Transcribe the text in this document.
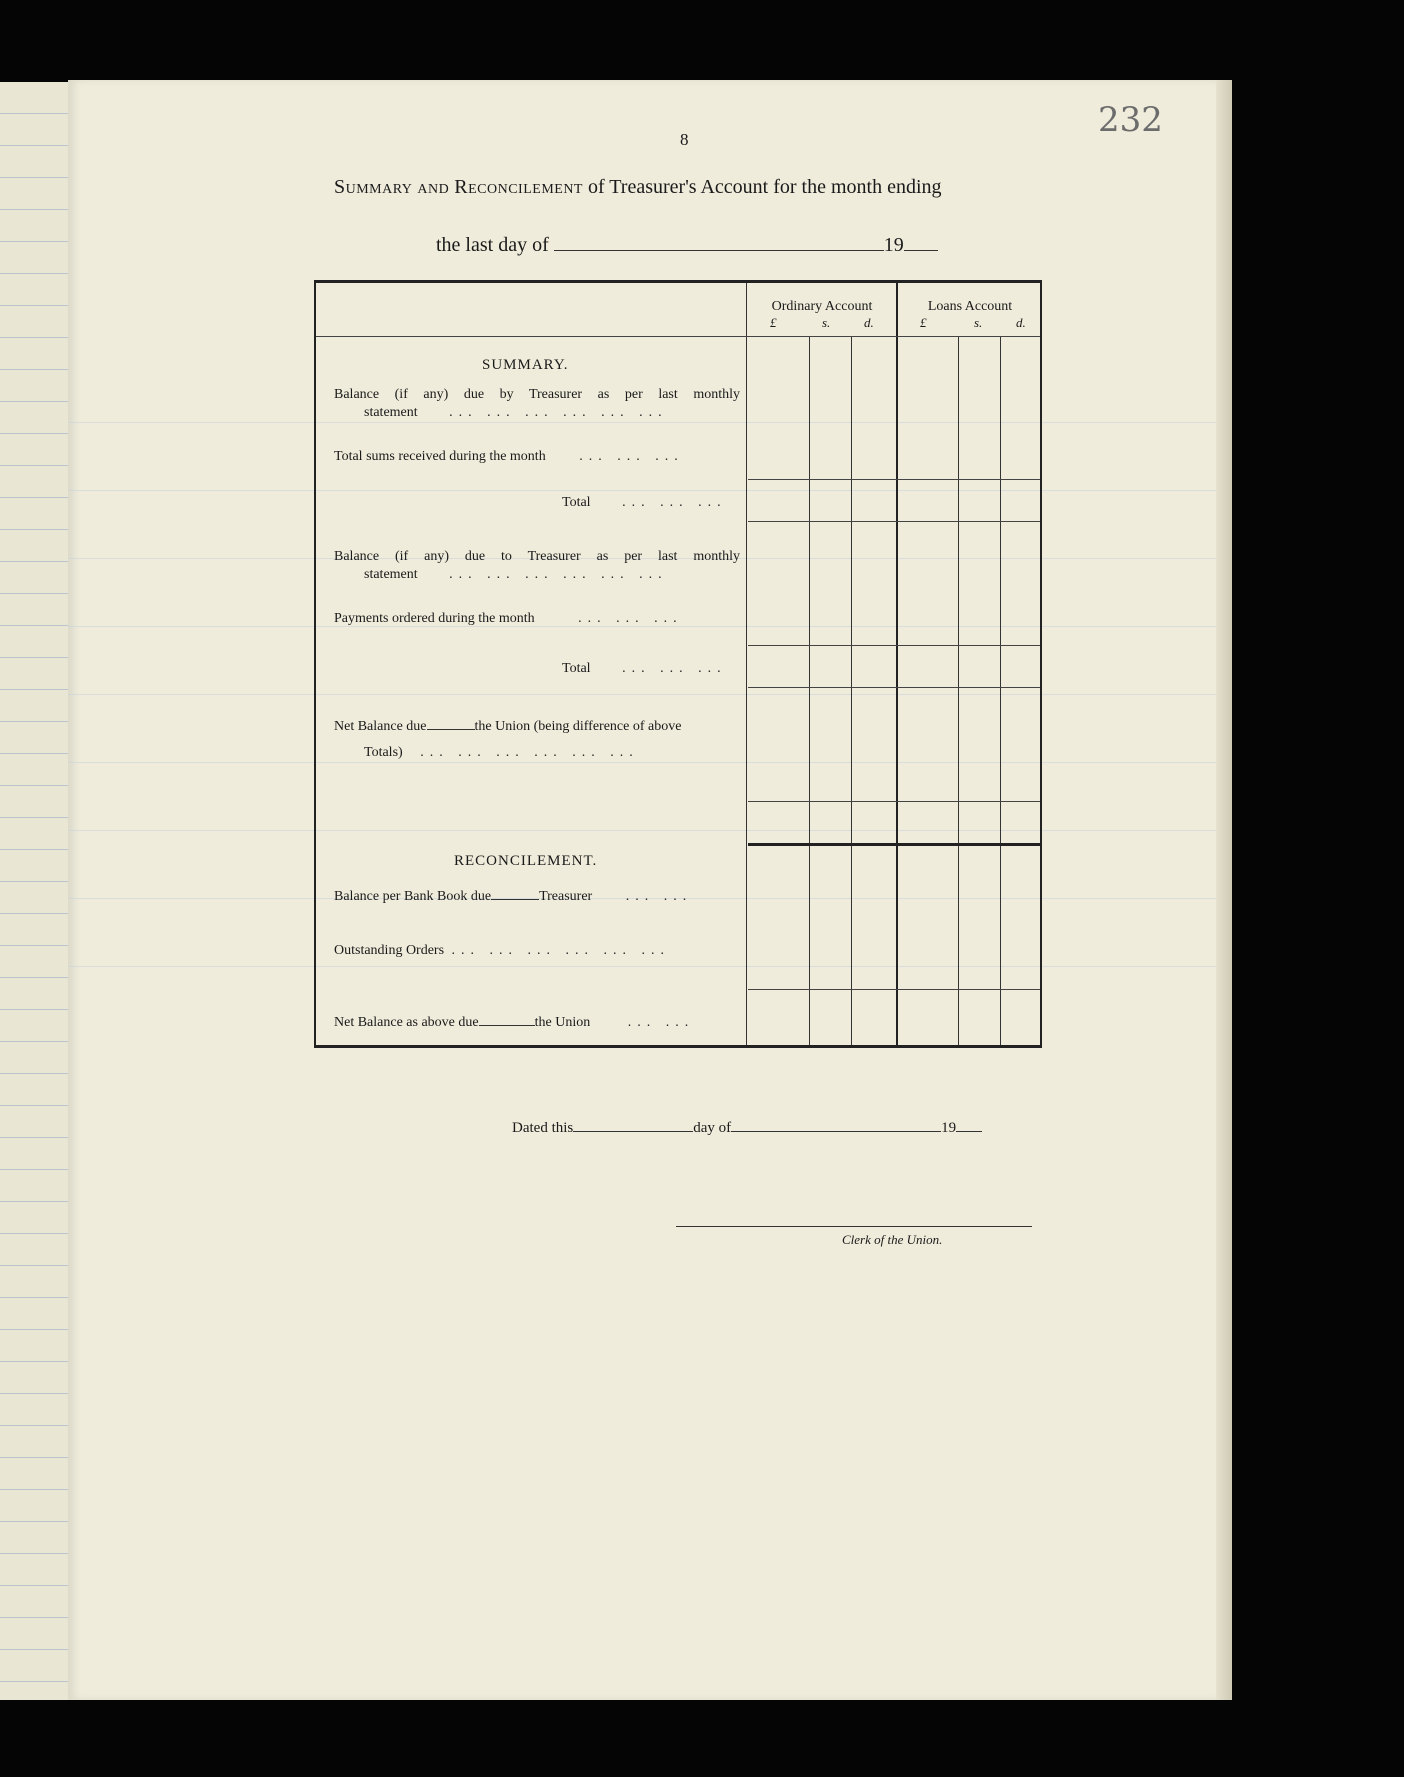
232
8
Summary and Reconcilement of Treasurer's Account for the month ending
the last day of	19
Ordinary Account	Loans Account
£	s.	d.	£	s.	d.
SUMMARY.
Balance (if any) due by Treasurer as per last monthly
statement ... ... ... ... ... ...
Total sums received during the month ... ... ...
Total ... ... ...
Balance (if any) due to Treasurer as per last monthly
statement ... ... ... ... ... ...
Payments ordered during the month	... ... ...
Total ... ... ...
Net Balance due	the Union (being difference of above
Totals) ... ... ... ... ... ...
RECONCILEMENT.
Balance per Bank Book due	Treasurer ... ...
Outstanding Orders ... ... ... ... ... ...
Net Balance as above due	the Union	... ...
Dated this	day of	19
Clerk of the Union.
